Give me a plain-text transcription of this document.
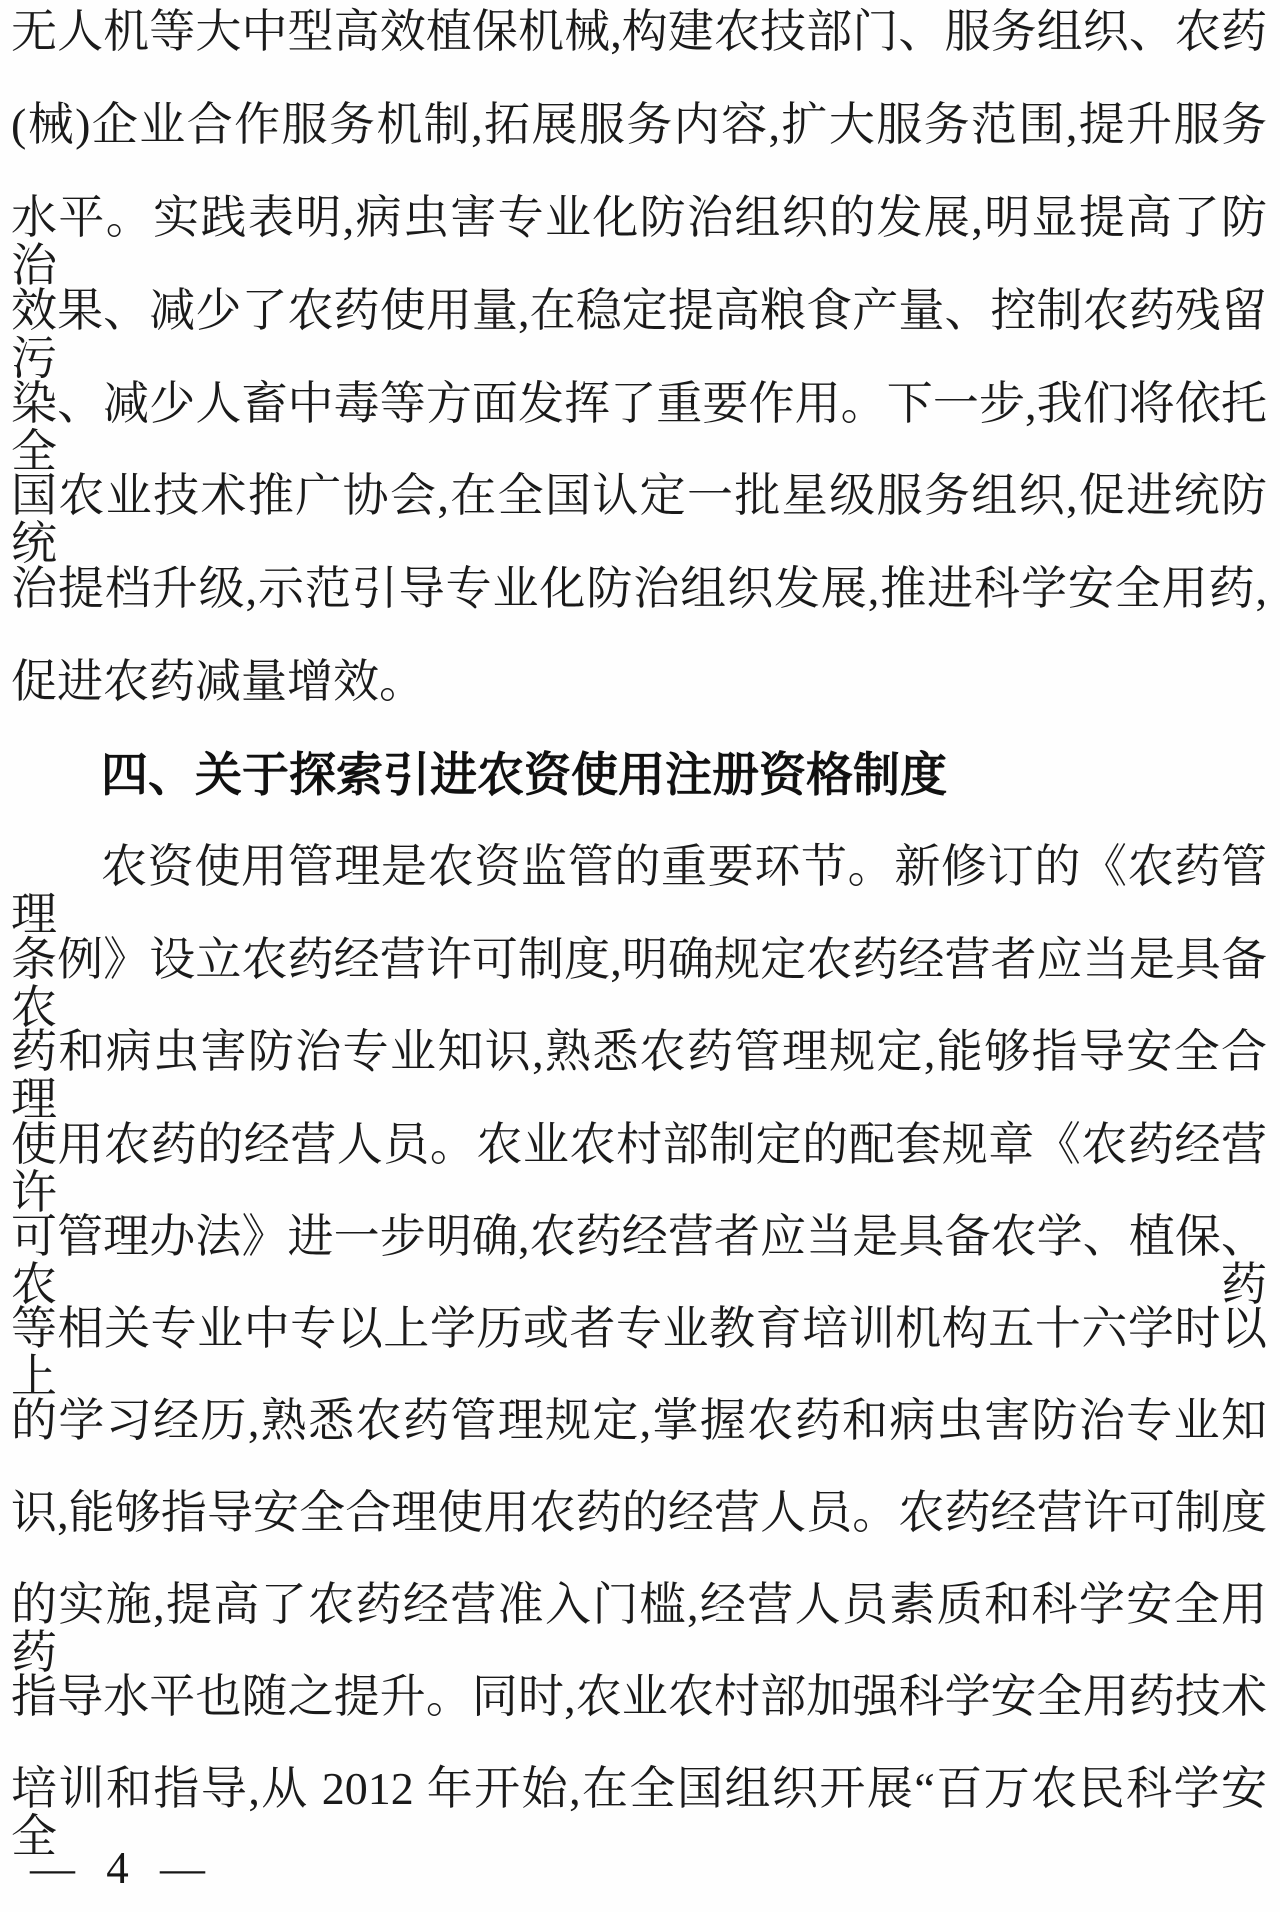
无人机等大中型高效植保机械,构建农技部门、服务组织、农药
(械)企业合作服务机制,拓展服务内容,扩大服务范围,提升服务
水平。实践表明,病虫害专业化防治组织的发展,明显提高了防治
效果、减少了农药使用量,在稳定提高粮食产量、控制农药残留污
染、减少人畜中毒等方面发挥了重要作用。下一步,我们将依托全
国农业技术推广协会,在全国认定一批星级服务组织,促进统防统
治提档升级,示范引导专业化防治组织发展,推进科学安全用药,
促进农药减量增效。
四、关于探索引进农资使用注册资格制度
农资使用管理是农资监管的重要环节。新修订的《农药管理
条例》设立农药经营许可制度,明确规定农药经营者应当是具备农
药和病虫害防治专业知识,熟悉农药管理规定,能够指导安全合理
使用农药的经营人员。农业农村部制定的配套规章《农药经营许
可管理办法》进一步明确,农药经营者应当是具备农学、植保、农药
等相关专业中专以上学历或者专业教育培训机构五十六学时以上
的学习经历,熟悉农药管理规定,掌握农药和病虫害防治专业知
识,能够指导安全合理使用农药的经营人员。农药经营许可制度
的实施,提高了农药经营准入门槛,经营人员素质和科学安全用药
指导水平也随之提升。同时,农业农村部加强科学安全用药技术
培训和指导,从 2012 年开始,在全国组织开展“百万农民科学安全
— 4 —
